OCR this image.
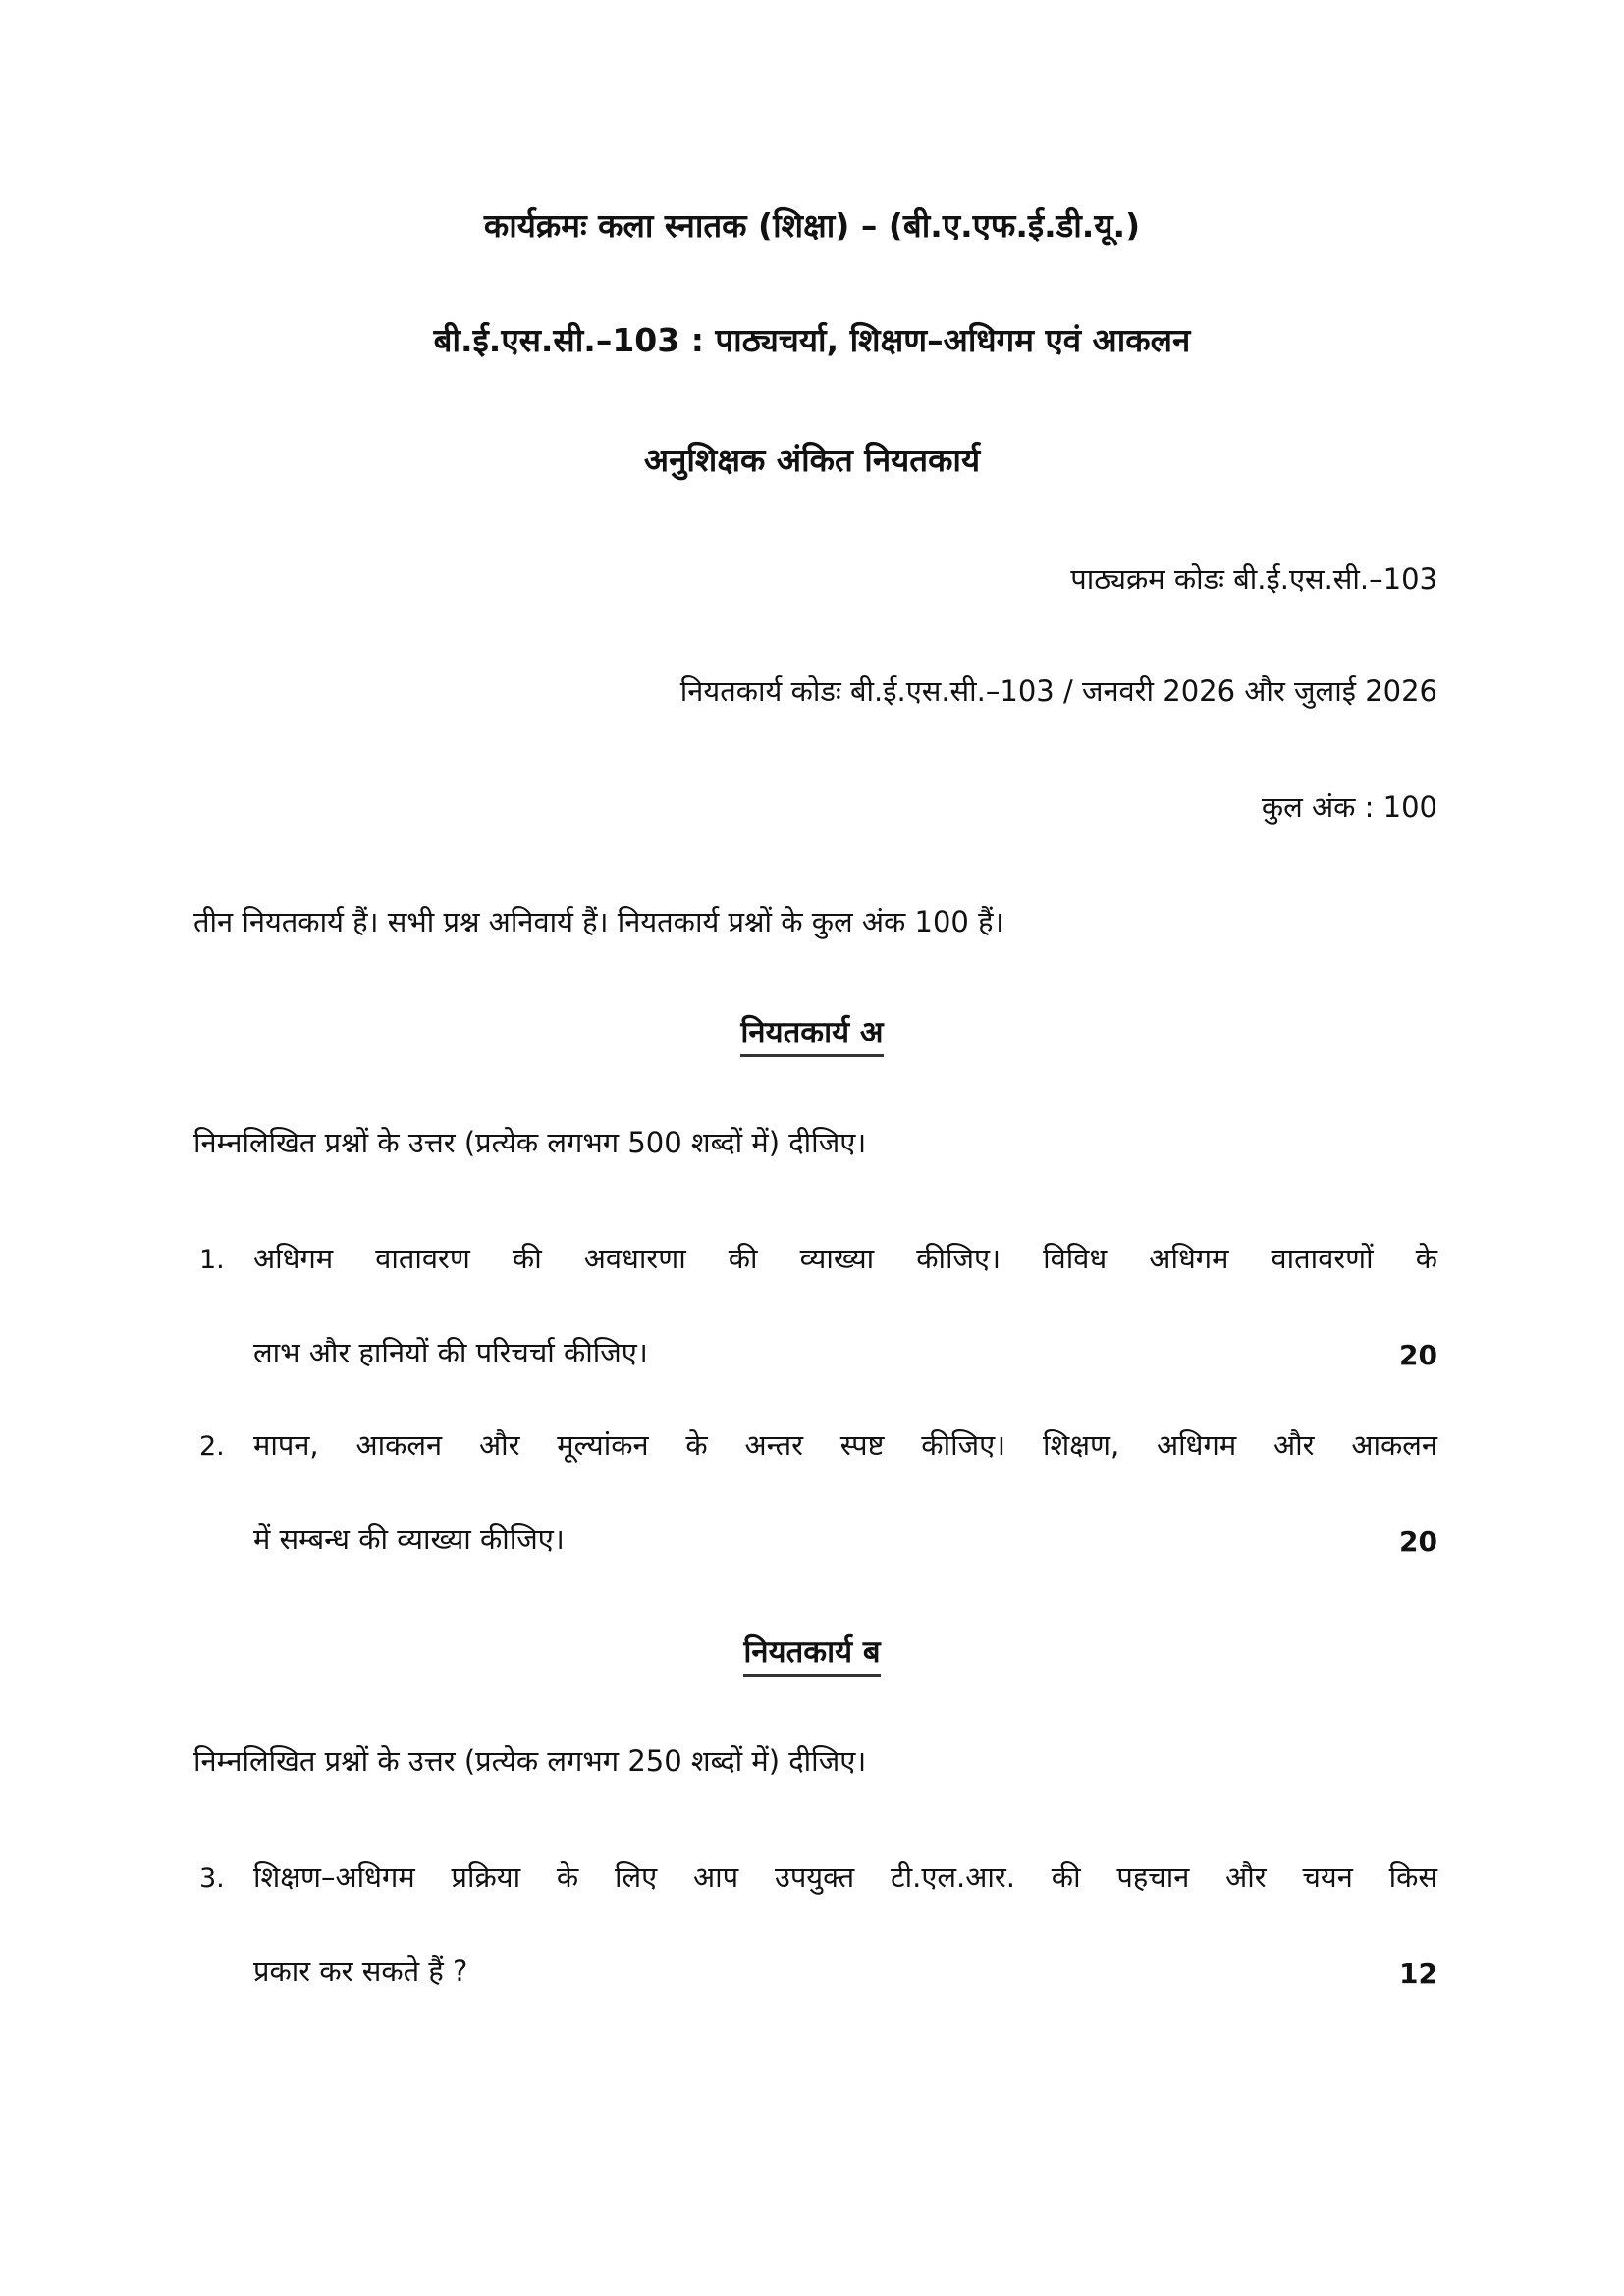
कार्यक्रमः कला स्नातक (शिक्षा) – (बी.ए.एफ.ई.डी.यू.)
बी.ई.एस.सी.–103 : पाठ्यचर्या, शिक्षण–अधिगम एवं आकलन
अनुशिक्षक अंकित नियतकार्य
पाठ्यक्रम कोडः बी.ई.एस.सी.–103
नियतकार्य कोडः बी.ई.एस.सी.–103 / जनवरी 2026 और जुलाई 2026
कुल अंक : 100
तीन नियतकार्य हैं। सभी प्रश्न अनिवार्य हैं। नियतकार्य प्रश्नों के कुल अंक 100 हैं।
नियतकार्य अ
निम्नलिखित प्रश्नों के उत्तर (प्रत्येक लगभग 500 शब्दों में) दीजिए।
1. अधिगम वातावरण की अवधारणा की व्याख्या कीजिए। विविध अधिगम वातावरणों के
लाभ और हानियों की परिचर्चा कीजिए।	20
2. मापन, आकलन और मूल्यांकन के अन्तर स्पष्ट कीजिए। शिक्षण, अधिगम और आकलन
में सम्बन्ध की व्याख्या कीजिए।	20
नियतकार्य ब
निम्नलिखित प्रश्नों के उत्तर (प्रत्येक लगभग 250 शब्दों में) दीजिए।
3. शिक्षण–अधिगम प्रक्रिया के लिए आप उपयुक्त टी.एल.आर. की पहचान और चयन किस
प्रकार कर सकते हैं ?	12
